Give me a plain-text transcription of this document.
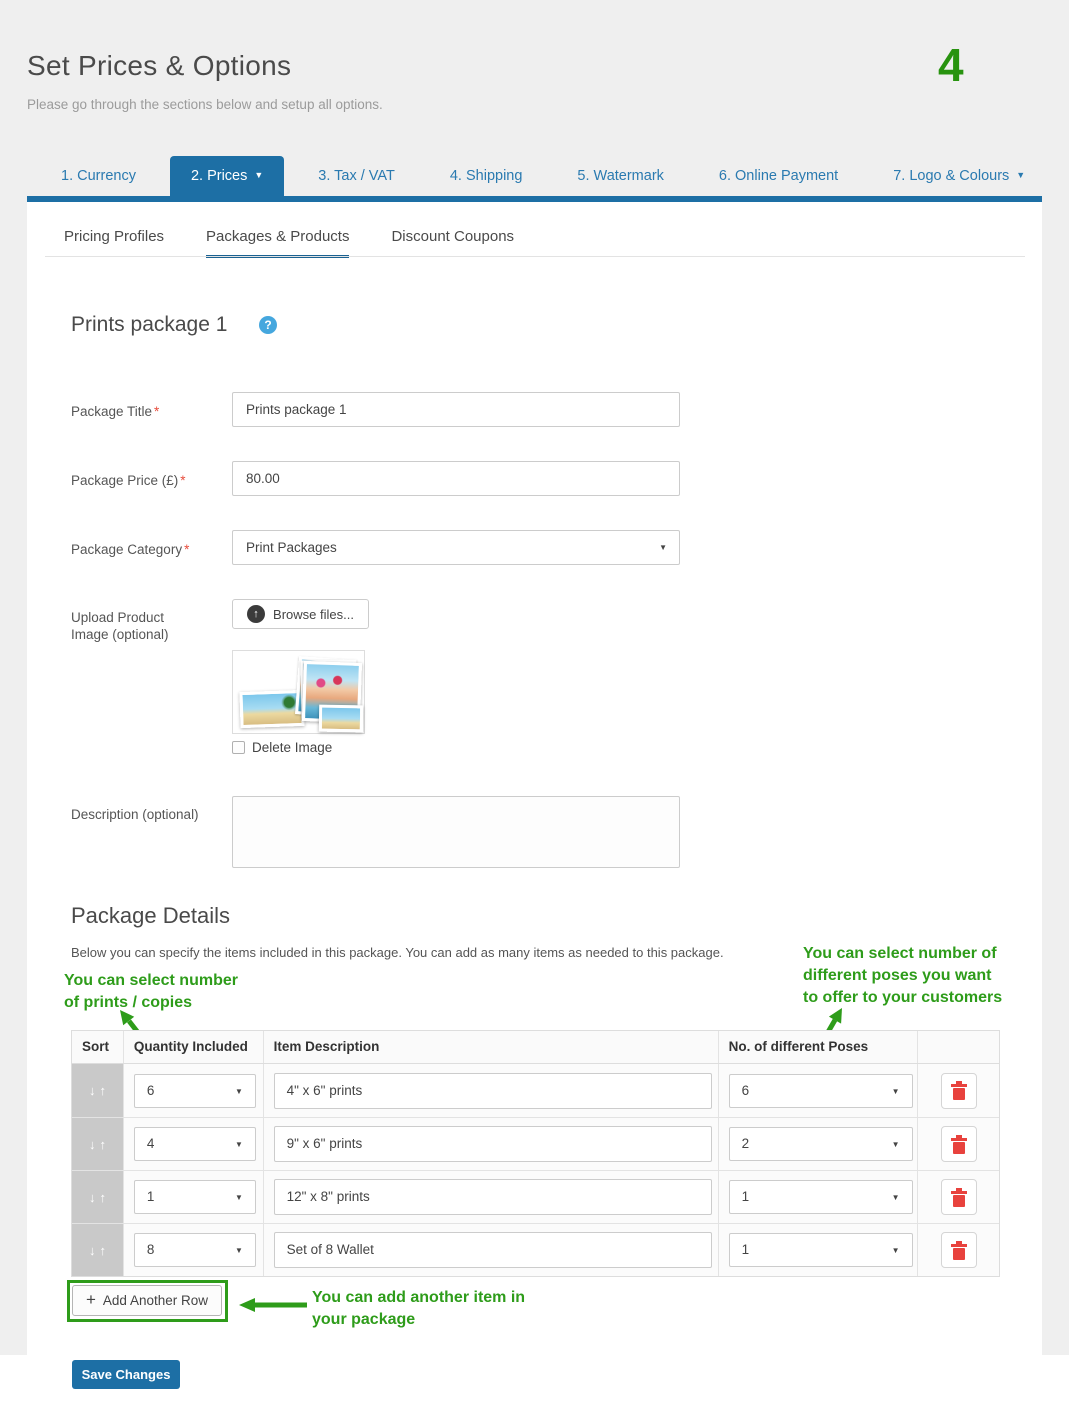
Set Prices & Options
Please go through the sections below and setup all options.
4
1. Currency	2. Prices ▼	3. Tax / VAT	4. Shipping	5. Watermark	6. Online Payment	7. Logo & Colours ▼
Pricing Profiles	Packages & Products	Discount Coupons
Prints package 1	?
Package Title *	Prints package 1
Package Price (£) *	80.00
Package Category *	Print Packages	▼
Upload Product
Image (optional)
↑	Browse files...
Delete Image
Description (optional)
Package Details
Below you can specify the items included in this package. You can add as many items as needed to this package.
You can select number
of prints / copies
You can select number of
different poses you want
to offer to your customers
Sort	Quantity Included	Item Description	No. of different Poses
↓ ↑	6	▼	4" x 6" prints	6	▼
↓ ↑	4	▼	9" x 6" prints	2	▼
↓ ↑	1	▼	12" x 8" prints	1	▼
↓ ↑	8	▼	Set of 8 Wallet	1	▼
+ Add Another Row	You can add another item in
your package
Save Changes
